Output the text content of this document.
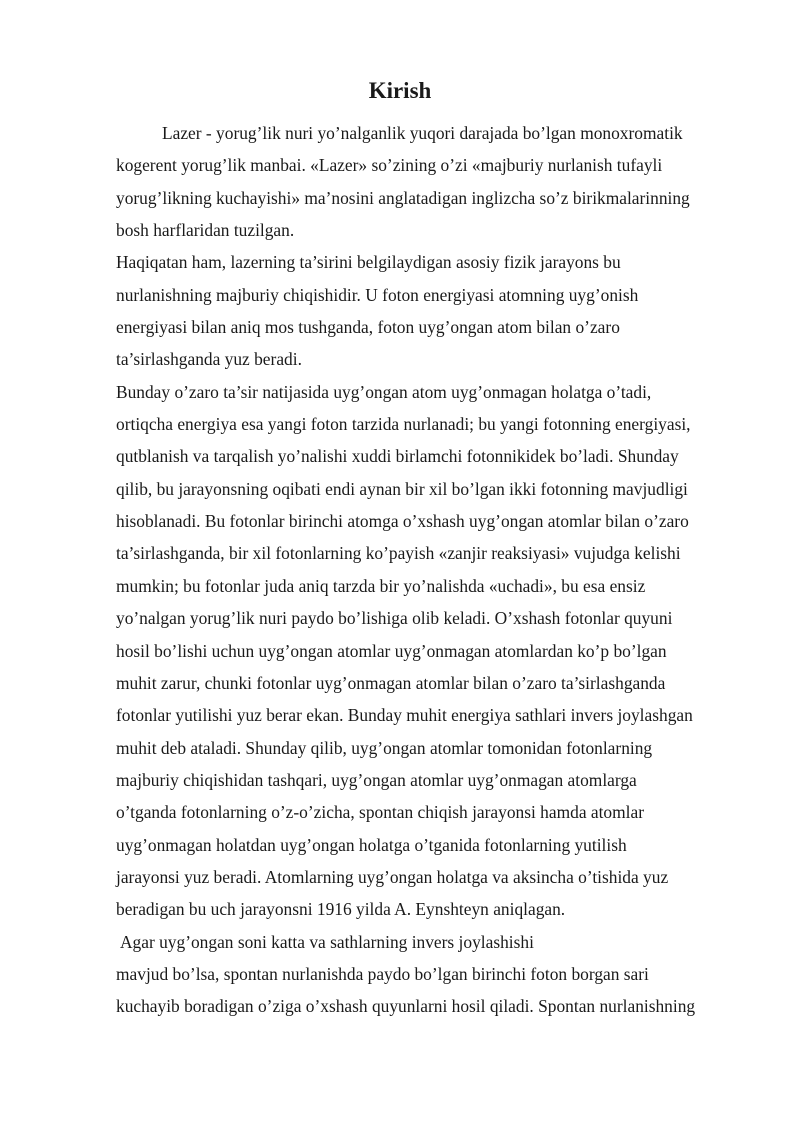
Kirish
Lazer - yorug’lik nuri yo’nalganlik yuqori darajada bo’lgan monoxromatik
kogerent yorug’lik manbai. «Lazer» so’zining o’zi «majburiy nurlanish tufayli
yorug’likning kuchayishi» ma’nosini anglatadigan inglizcha so’z birikmalarinning
bosh harflaridan tuzilgan.
Haqiqatan ham, lazerning ta’sirini belgilaydigan asosiy fizik jarayons bu
nurlanishning majburiy chiqishidir. U foton energiyasi atomning uyg’onish
energiyasi bilan aniq mos tushganda, foton uyg’ongan atom bilan o’zaro
ta’sirlashganda yuz beradi.
Bunday o’zaro ta’sir natijasida uyg’ongan atom uyg’onmagan holatga o’tadi,
ortiqcha energiya esa yangi foton tarzida nurlanadi; bu yangi fotonning energiyasi,
qutblanish va tarqalish yo’nalishi xuddi birlamchi fotonnikidek bo’ladi. Shunday
qilib, bu jarayonsning oqibati endi aynan bir xil bo’lgan ikki fotonning mavjudligi
hisoblanadi. Bu fotonlar birinchi atomga o’xshash uyg’ongan atomlar bilan o’zaro
ta’sirlashganda, bir xil fotonlarning ko’payish «zanjir reaksiyasi» vujudga kelishi
mumkin; bu fotonlar juda aniq tarzda bir yo’nalishda «uchadi», bu esa ensiz
yo’nalgan yorug’lik nuri paydo bo’lishiga olib keladi. O’xshash fotonlar quyuni
hosil bo’lishi uchun uyg’ongan atomlar uyg’onmagan atomlardan ko’p bo’lgan
muhit zarur, chunki fotonlar uyg’onmagan atomlar bilan o’zaro ta’sirlashganda
fotonlar yutilishi yuz berar ekan. Bunday muhit energiya sathlari invers joylashgan
muhit deb ataladi. Shunday qilib, uyg’ongan atomlar tomonidan fotonlarning
majburiy chiqishidan tashqari, uyg’ongan atomlar uyg’onmagan atomlarga
o’tganda fotonlarning o’z-o’zicha, spontan chiqish jarayonsi hamda atomlar
uyg’onmagan holatdan uyg’ongan holatga o’tganida fotonlarning yutilish
jarayonsi yuz beradi. Atomlarning uyg’ongan holatga va aksincha o’tishida yuz
beradigan bu uch jarayonsni 1916 yilda A. Eynshteyn aniqlagan.
Agar uyg’ongan soni katta va sathlarning invers joylashishi
mavjud bo’lsa, spontan nurlanishda paydo bo’lgan birinchi foton borgan sari
kuchayib boradigan o’ziga o’xshash quyunlarni hosil qiladi. Spontan nurlanishning
